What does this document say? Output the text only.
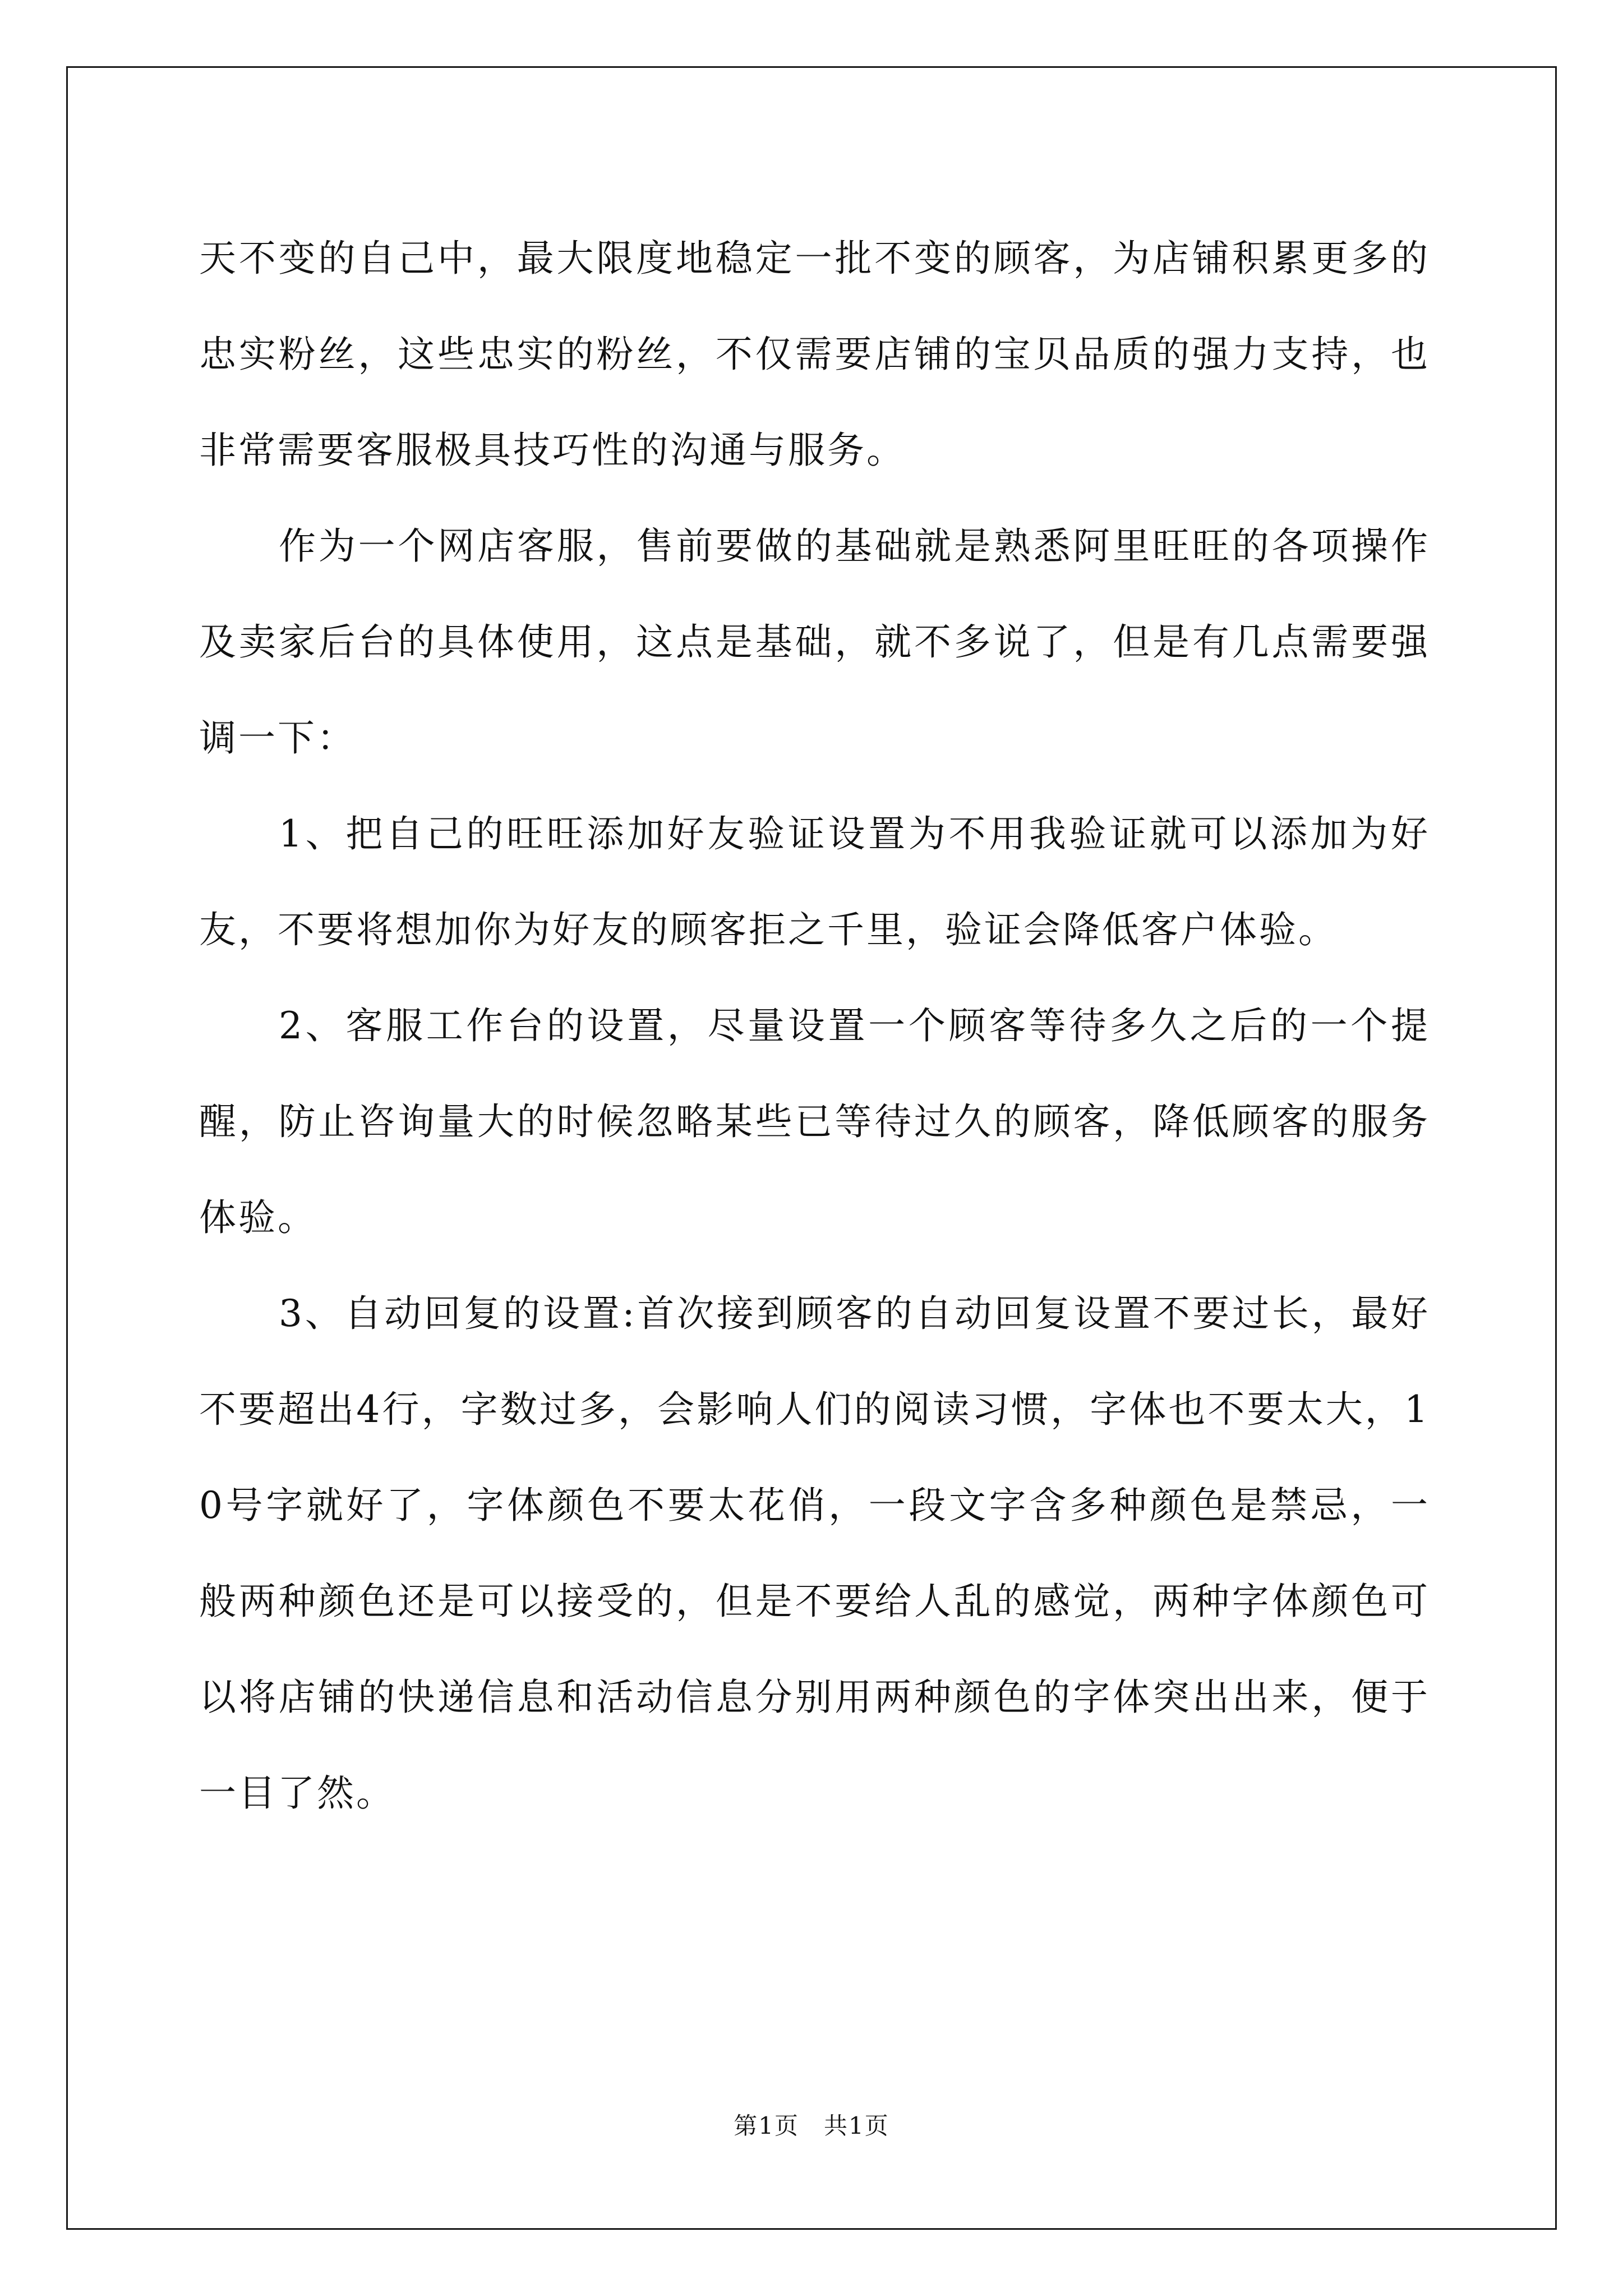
天不变的自己中，最大限度地稳定一批不变的顾客，为店铺积累更多的忠实粉丝，这些忠实的粉丝，不仅需要店铺的宝贝品质的强力支持，也非常需要客服极具技巧性的沟通与服务。

作为一个网店客服，售前要做的基础就是熟悉阿里旺旺的各项操作及卖家后台的具体使用，这点是基础，就不多说了，但是有几点需要强调一下：

1、把自己的旺旺添加好友验证设置为不用我验证就可以添加为好友，不要将想加你为好友的顾客拒之千里，验证会降低客户体验。

2、客服工作台的设置，尽量设置一个顾客等待多久之后的一个提醒，防止咨询量大的时候忽略某些已等待过久的顾客，降低顾客的服务体验。

3、自动回复的设置:首次接到顾客的自动回复设置不要过长，最好不要超出4行，字数过多，会影响人们的阅读习惯，字体也不要太大，10号字就好了，字体颜色不要太花俏，一段文字含多种颜色是禁忌，一般两种颜色还是可以接受的，但是不要给人乱的感觉，两种字体颜色可以将店铺的快递信息和活动信息分别用两种颜色的字体突出出来，便于一目了然。

第1页　共1页
